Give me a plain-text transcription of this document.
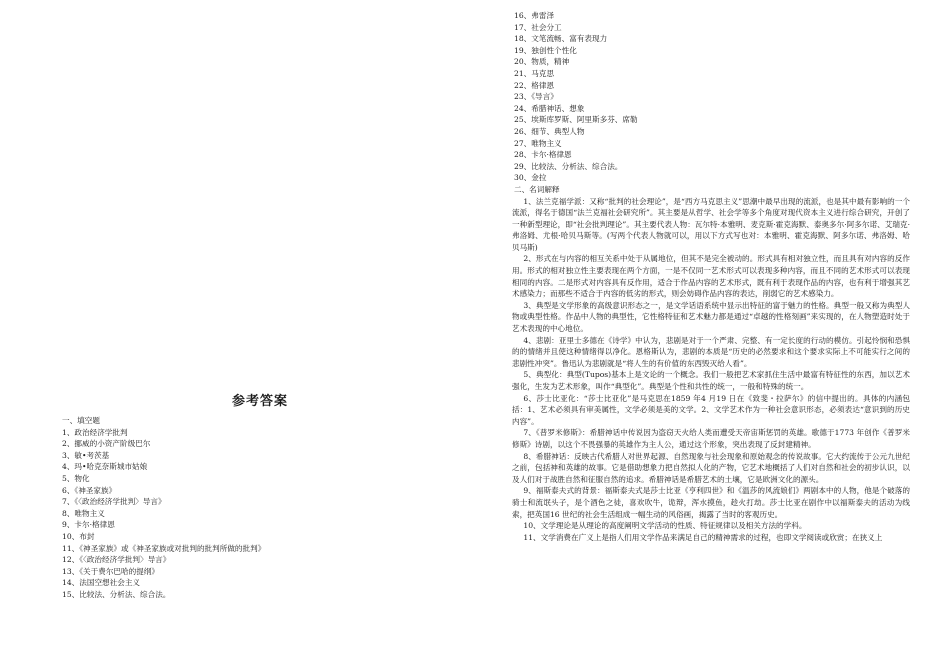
参考答案
一、填空题
1、政治经济学批判
2、挪威的小资产阶级巴尔
3、敏•考茨基
4、玛•哈克奈斯城市姑娘
5、物化
6、《神圣家族》
7、《〈政治经济学批判〉导言》
8、唯物主义
9、卡尔·格律恩
10、布封
11、《神圣家族》或《神圣家族或对批判的批判所做的批判》
12、《〈政治经济学批判〉导言》
13、《关于费尔巴哈的提纲》
14、法国空想社会主义
15、比较法、分析法、综合法。
16、弗雷泽
17、社会分工
18、文笔流畅、富有表现力
19、独创性个性化
20、物质，精神
21、马克思
22、格律恩
23、《导言》
24、希腊神话、想象
25、埃斯库罗斯、阿里斯多芬、席勒
26、细节、典型人物
27、唯物主义
28、卡尔·格律恩
29、比较法、分析法、综合法。
30、金拉
二、名词解释

1、法兰克福学派：又称“批判的社会理论”，是“西方马克思主义”思潮中最早出现的流派，也是其中最有影响的一个流派，得名于德国“法兰克福社会研究所”。其主要是从哲学、社会学等多个角度对现代资本主义进行综合研究，开创了一种新型理论，即“社会批判理论”。其主要代表人物：瓦尔特·本雅明、麦克斯·霍克海默、泰奥多尔·阿多尔诺、艾瑞克·弗洛姆、尤根·哈贝马斯等。(写两个代表人物就可以，用以下方式写也对：本雅明、霍克海默、阿多尔诺、弗洛姆、哈贝马斯)

2、形式在与内容的相互关系中处于从属地位，但其不是完全被动的。形式具有相对独立性，而且具有对内容的反作用。形式的相对独立性主要表现在两个方面，一是不仅同一艺术形式可以表现多种内容，而且不同的艺术形式可以表现相同的内容。二是形式对内容具有反作用，适合于作品内容的艺术形式，既有利于表现作品的内容，也有利于增强其艺术感染力；而那些不适合于内容的低劣的形式，则会妨碍作品内容的表达，削弱它的艺术感染力。

3、典型是文学形象的高级意识形态之一，是文学话语系统中显示出特征的富于魅力的性格。典型一般又称为典型人物或典型性格。作品中人物的典型性，它性格特征和艺术魅力都是通过“卓越的性格刻画”来实现的，在人物塑造时处于艺术表现的中心地位。

4、悲剧：亚里士多德在《诗学》中认为，悲剧是对于一个严肃、完整、有一定长度的行动的模仿。引起怜悯和恐惧的的情绪并且使这种情绪得以净化。恩格斯认为，悲剧的本质是“历史的必然要求和这个要求实际上不可能实行之间的悲剧性冲突”。鲁迅认为悲剧就是“将人生的有价值的东西毁灭给人看”。

5、典型化：典型(Tupos)基本上是文论的一个概念。我们一般把艺术家抓住生活中最富有特征性的东西，加以艺术强化，生发为艺术形象，叫作“典型化”。典型是个性和共性的统一，一般和特殊的统一。

6、莎士比亚化：“莎士比亚化”是马克思在1859 年4 月19 日在《致斐・拉萨尔》的信中提出的。具体的内涵包括：1、艺术必须具有审美属性，文学必须是美的文学。2、文学艺术作为一种社会意识形态，必须表达“意识到的历史内容”。

7、《普罗米修斯》：希腊神话中传说因为盗窃天火给人类而遭受天帝宙斯惩罚的英雄。歌德于1773 年创作《普罗米修斯》诗剧，以这个不畏强暴的英雄作为主人公，通过这个形象，突出表现了反封建精神。

8、希腊神话：反映古代希腊人对世界起源、自然现象与社会现象和原始观念的传说故事。它大约流传于公元九世纪之前，包括神和英雄的故事。它是借助想象力把自然拟人化的产物，它艺术地概括了人们对自然和社会的初步认识，以及人们对于战胜自然和征服自然的追求。希腊神话是希腊艺术的土壤，它是欧洲文化的源头。

9、福斯泰夫式的背景：福斯泰夫式是莎士比亚《亨利四世》和《温莎的风流娘们》两剧本中的人物，他是个破落的骑士和流氓头子，是个酒色之徒，喜欢吹牛，诡辩，浑水摸鱼，趁火打劫。莎士比亚在剧作中以福斯泰夫的活动为线索，把英国16 世纪的社会生活组成一幅生动的风俗画，揭露了当时的客观历史。

10、文学理论是从理论的高度阐明文学活动的性质、特征规律以及相关方法的学科。

11、文学消费在广义上是指人们用文学作品来满足自己的精神需求的过程，也即文学阅读或欣赏；在狭义上
